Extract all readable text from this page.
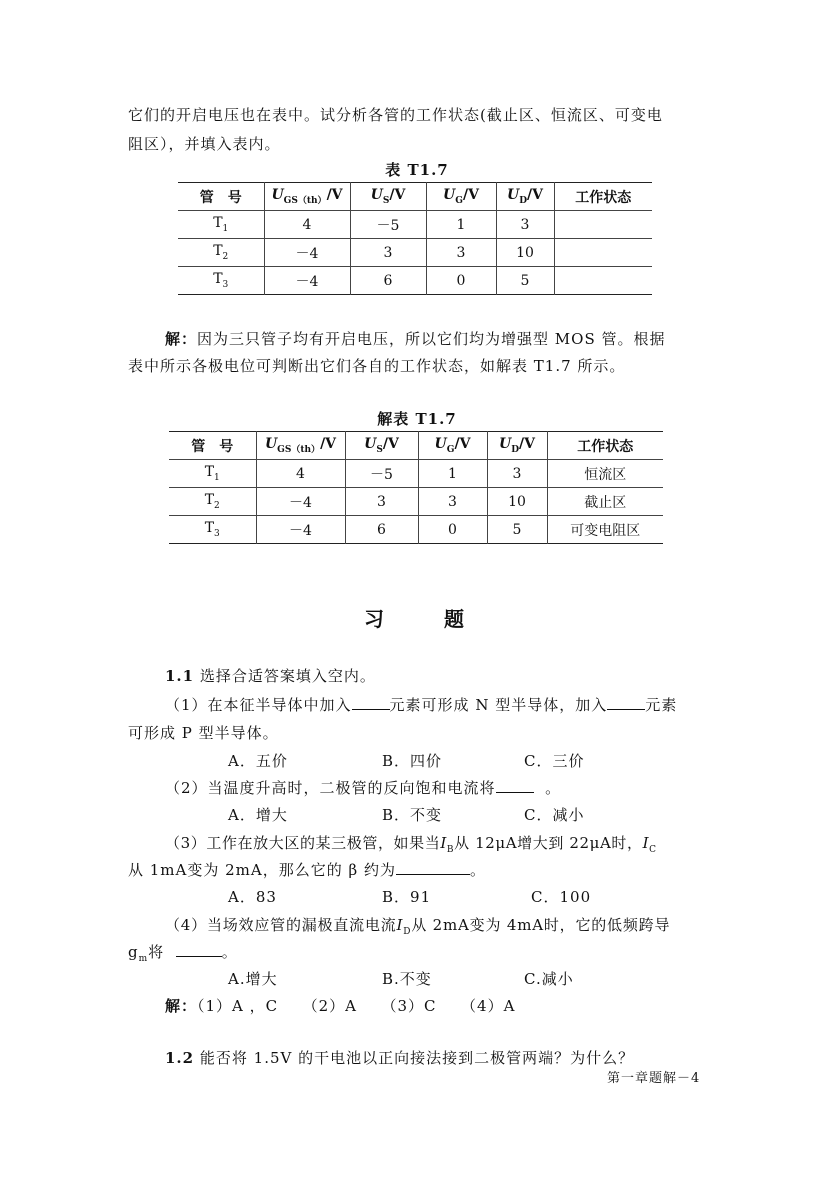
它们的开启电压也在表中。试分析各管的工作状态(截止区、恒流区、可变电
阻区），并填入表内。
表 T1.7
管　号	$U_{GS(th)}/V$	$U_S/V$	$U_G/V$	$U_D/V$	工作状态
$T_1$	4	－5	1	3	
$T_2$	－4	3	3	10	
$T_3$	－4	6	0	5	
解：因为三只管子均有开启电压，所以它们均为增强型 MOS 管。根据
表中所示各极电位可判断出它们各自的工作状态，如解表 T1.7 所示。
解表 T1.7
管　号	$U_{GS(th)}/V$	$U_S/V$	$U_G/V$	$U_D/V$	工作状态
$T_1$	4	－5	1	3	恒流区
$T_2$	－4	3	3	10	截止区
$T_3$	－4	6	0	5	可变电阻区
习题
1.1 选择合适答案填入空内。
（1）在本征半导体中加入	元素可形成 N 型半导体，加入	元素
可形成 P 型半导体。
A．五价	B．四价	C．三价
（2）当温度升高时，二极管的反向饱和电流将	。
A．增大	B．不变	C．减小
（3）工作在放大区的某三极管，如果当$I_B$从 12μA增大到 22μA时，$I_C$
从 1mA变为 2mA，那么它的 β 约为	。
A．83	B．91	C．100
（4）当场效应管的漏极直流电流$I_D$从 2mA变为 4mA时，它的低频跨导
$g_m$将	。
A.增大	B.不变	C.减小
解：（1）A ，C　　（2）A　　（3）C　　（4）A
1.2 能否将 1.5V 的干电池以正向接法接到二极管两端？为什么？
第一章题解－4
